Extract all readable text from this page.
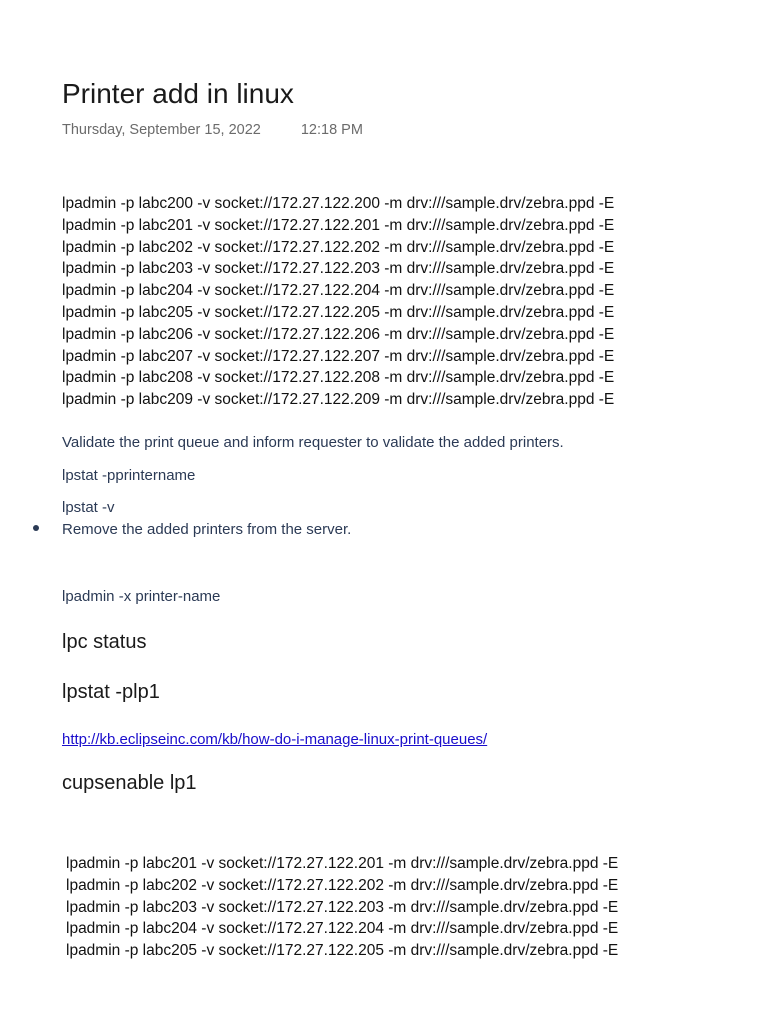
Printer add in linux
Thursday, September 15, 2022	12:18 PM
lpadmin -p labc200 -v socket://172.27.122.200 -m drv:///sample.drv/zebra.ppd -E
lpadmin -p labc201 -v socket://172.27.122.201 -m drv:///sample.drv/zebra.ppd -E
lpadmin -p labc202 -v socket://172.27.122.202 -m drv:///sample.drv/zebra.ppd -E
lpadmin -p labc203 -v socket://172.27.122.203 -m drv:///sample.drv/zebra.ppd -E
lpadmin -p labc204 -v socket://172.27.122.204 -m drv:///sample.drv/zebra.ppd -E
lpadmin -p labc205 -v socket://172.27.122.205 -m drv:///sample.drv/zebra.ppd -E
lpadmin -p labc206 -v socket://172.27.122.206 -m drv:///sample.drv/zebra.ppd -E
lpadmin -p labc207 -v socket://172.27.122.207 -m drv:///sample.drv/zebra.ppd -E
lpadmin -p labc208 -v socket://172.27.122.208 -m drv:///sample.drv/zebra.ppd -E
lpadmin -p labc209 -v socket://172.27.122.209 -m drv:///sample.drv/zebra.ppd -E
Validate the print queue and inform requester to validate the added printers.
lpstat -pprintername
lpstat -v
Remove the added printers from the server.
lpadmin -x printer-name
lpc status
lpstat -plp1
http://kb.eclipseinc.com/kb/how-do-i-manage-linux-print-queues/
cupsenable lp1
lpadmin -p labc201 -v socket://172.27.122.201 -m drv:///sample.drv/zebra.ppd -E
lpadmin -p labc202 -v socket://172.27.122.202 -m drv:///sample.drv/zebra.ppd -E
lpadmin -p labc203 -v socket://172.27.122.203 -m drv:///sample.drv/zebra.ppd -E
lpadmin -p labc204 -v socket://172.27.122.204 -m drv:///sample.drv/zebra.ppd -E
lpadmin -p labc205 -v socket://172.27.122.205 -m drv:///sample.drv/zebra.ppd -E
